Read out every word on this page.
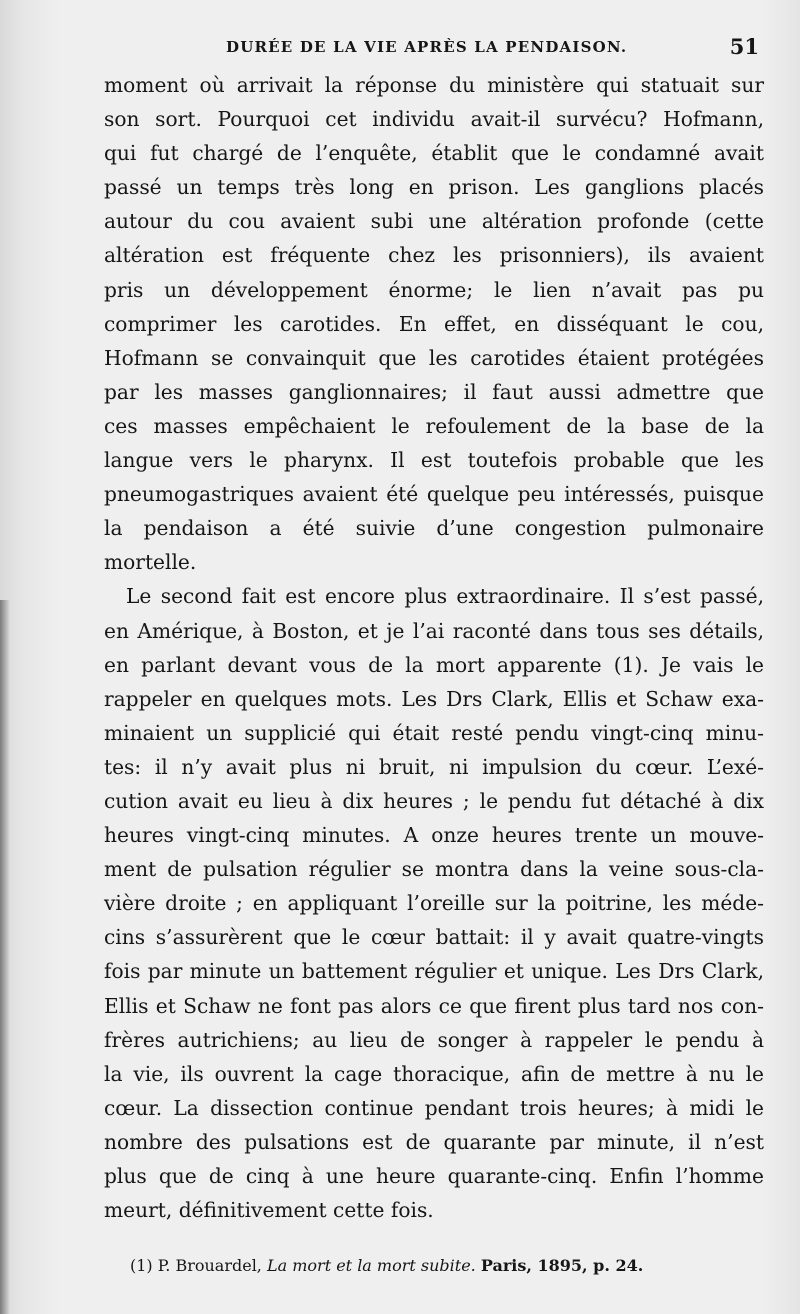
DURÉE DE LA VIE APRÈS LA PENDAISON.	51
moment où arrivait la réponse du ministère qui statuait sur
son sort. Pourquoi cet individu avait-il survécu? Hofmann,
qui fut chargé de l’enquête, établit que le condamné avait
passé un temps très long en prison. Les ganglions placés
autour du cou avaient subi une altération profonde (cette
altération est fréquente chez les prisonniers), ils avaient
pris un développement énorme; le lien n’avait pas pu
comprimer les carotides. En effet, en disséquant le cou,
Hofmann se convainquit que les carotides étaient protégées
par les masses ganglionnaires; il faut aussi admettre que
ces masses empêchaient le refoulement de la base de la
langue vers le pharynx. Il est toutefois probable que les
pneumogastriques avaient été quelque peu intéressés, puisque
la pendaison a été suivie d’une congestion pulmonaire
mortelle.
Le second fait est encore plus extraordinaire. Il s’est passé,
en Amérique, à Boston, et je l’ai raconté dans tous ses détails,
en parlant devant vous de la mort apparente (1). Je vais le
rappeler en quelques mots. Les Drs Clark, Ellis et Schaw exa-
minaient un supplicié qui était resté pendu vingt-cinq minu-
tes: il n’y avait plus ni bruit, ni impulsion du cœur. L’exé-
cution avait eu lieu à dix heures ; le pendu fut détaché à dix
heures vingt-cinq minutes. A onze heures trente un mouve-
ment de pulsation régulier se montra dans la veine sous-cla-
vière droite ; en appliquant l’oreille sur la poitrine, les méde-
cins s’assurèrent que le cœur battait: il y avait quatre-vingts
fois par minute un battement régulier et unique. Les Drs Clark,
Ellis et Schaw ne font pas alors ce que firent plus tard nos con-
frères autrichiens; au lieu de songer à rappeler le pendu à
la vie, ils ouvrent la cage thoracique, afin de mettre à nu le
cœur. La dissection continue pendant trois heures; à midi le
nombre des pulsations est de quarante par minute, il n’est
plus que de cinq à une heure quarante-cinq. Enfin l’homme
meurt, définitivement cette fois.
(1) P. Brouardel, La mort et la mort subite. Paris, 1895, p. 24.
